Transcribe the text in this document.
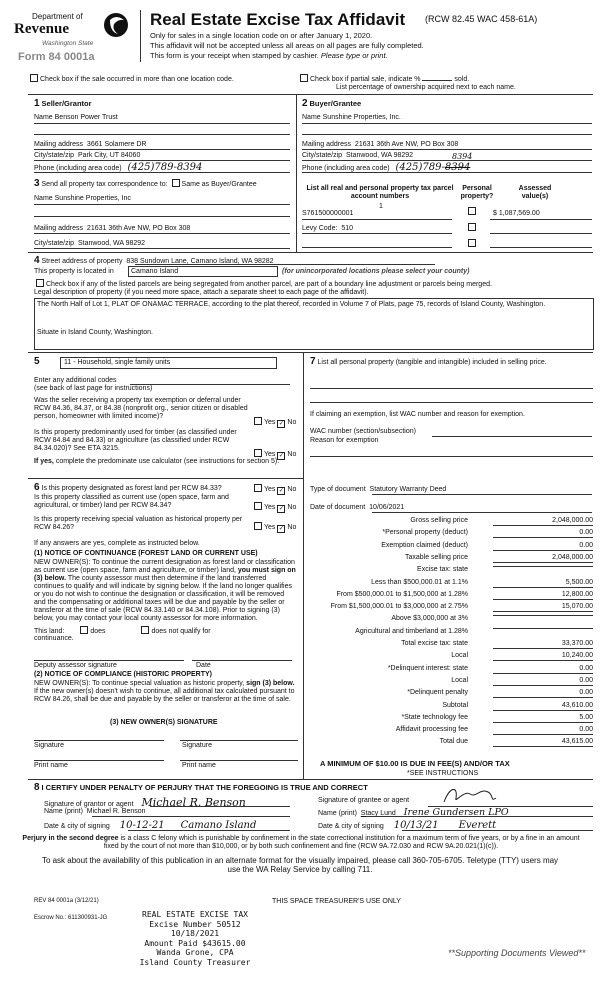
Department of
Revenue
Washington State
Form 84 0001a
Real Estate Excise Tax Affidavit (RCW 82.45 WAC 458-61A)
Only for sales in a single location code on or after January 1, 2020.
This affidavit will not be accepted unless all areas on all pages are fully completed.
This form is your receipt when stamped by cashier. Please type or print.
Check box if the sale occurred in more than one location code.	Check box if partial sale, indicate %	sold.
List percentage of ownership acquired next to each name.
1 Seller/Grantor
Name Benson Power Trust
Mailing address 3661 Solamere DR
City/state/zip Park City, UT 84060
Phone (including area code) (425)789-8394
2 Buyer/Grantee
Name Sunshine Properties, Inc.
Mailing address 21631 36th Ave NW, PO Box 308
City/state/zip Stanwood, WA 98292
Phone (including area code) (425)789-8394
8394
3 Send all property tax correspondence to: Same as Buyer/Grantee
Name Sunshine Properties, Inc
Mailing address 21631 36th Ave NW, PO Box 308
City/state/zip Stanwood, WA 98292
List all real and personal property tax parcel account numbers
Personal property?
Assessed value(s)
1
S761500000001	$ 1,087,569.00
Levy Code: 510
4 Street address of property 838 Sundown Lane, Camano Island, WA 98282
This property is located in Camano Island	(for unincorporated locations please select your county)
Check box if any of the listed parcels are being segregated from another parcel, are part of a boundary line adjustment or parcels being merged.
Legal description of property (if you need more space, attach a separate sheet to each page of the affidavit).
The North Half of Lot 1, PLAT OF ONAMAC TERRACE, according to the plat thereof, recorded in Volume 7 of Plats, page 75, records of Island County, Washington.
Situate in Island County, Washington.
5	11 - Household, single family units
Enter any additional codes
(see back of last page for instructions)
Was the seller receiving a property tax exemption or deferral under RCW 84.36, 84.37, or 84.38 (nonprofit org., senior citizen or disabled person, homeowner with limited income)?
Yes ✓ No
Is this property predominantly used for timber (as classified under RCW 84.84 and 84.33) or agriculture (as classified under RCW 84.34.020)? See ETA 3215.
Yes ✓ No
If yes, complete the predominate use calculator (see instructions for section 5).
6 Is this property designated as forest land per RCW 84.33?	Yes ✓ No
Is this property classified as current use (open space, farm and agricultural, or timber) land per RCW 84.34?	Yes ✓ No
Is this property receiving special valuation as historical property per RCW 84.26?	Yes ✓ No
If any answers are yes, complete as instructed below.
(1) NOTICE OF CONTINUANCE (FOREST LAND OR CURRENT USE)
NEW OWNER(S): To continue the current designation as forest land or classification as current use (open space, farm and agriculture, or timber) land, you must sign on (3) below. The county assessor must then determine if the land transferred continues to qualify and will indicate by signing below. If the land no longer qualifies or you do not wish to continue the designation or classification, it will be removed and the compensating or additional taxes will be due and payable by the seller or transferor at the time of sale (RCW 84.33.140 or 84.34.108). Prior to signing (3) below, you may contact your local county assessor for more information.
This land:	does	does not qualify for
continuance.
Deputy assessor signature	Date
(2) NOTICE OF COMPLIANCE (HISTORIC PROPERTY)
NEW OWNER(S): To continue special valuation as historic property, sign (3) below. If the new owner(s) doesn't wish to continue, all additional tax calculated pursuant to RCW 84.26, shall be due and payable by the seller or transferor at the time of sale.
(3) NEW OWNER(S) SIGNATURE
Signature	Signature
Print name	Print name
7 List all personal property (tangible and intangible) included in selling price.
If claiming an exemption, list WAC number and reason for exemption.
WAC number (section/subsection)
Reason for exemption
Type of document Statutory Warranty Deed
Date of document 10/06/2021
Gross selling price	2,048,000.00
*Personal property (deduct)	0.00
Exemption claimed (deduct)	0.00
Taxable selling price	2,048,000.00
Excise tax: state
Less than $500,000.01 at 1.1%	5,500.00
From $500,000.01 to $1,500,000 at 1.28%	12,800.00
From $1,500,000.01 to $3,000,000 at 2.75%	15,070.00
Above $3,000,000 at 3%
Agricultural and timberland at 1.28%
Total excise tax: state	33,370.00
Local	10,240.00
*Delinquent interest: state	0.00
Local	0.00
*Delinquent penalty	0.00
Subtotal	43,610.00
*State technology fee	5.00
Affidavit processing fee	0.00
Total due	43,615.00
A MINIMUM OF $10.00 IS DUE IN FEE(S) AND/OR TAX
*SEE INSTRUCTIONS
8 I CERTIFY UNDER PENALTY OF PERJURY THAT THE FOREGOING IS TRUE AND CORRECT
Signature of grantor or agent Michael R. Benson
Name (print) Michael R. Benson
Date & city of signing 10-12-21 Camano Island
Signature of grantee or agent
Name (print) Stacy Lund Irene Gundersen LPO
Date & city of signing 10/13/21 Everett
Perjury in the second degree is a class C felony which is punishable by confinement in the state correctional institution for a maximum term of five years, or by a fine in an amount fixed by the court of not more than $10,000, or by both such confinement and fine (RCW 9A.72.030 and RCW 9A.20.021(1)(c)).
To ask about the availability of this publication in an alternate format for the visually impaired, please call 360-705-6705. Teletype (TTY) users may use the WA Relay Service by calling 711.
REV 84 0001a (3/12/21)	THIS SPACE TREASURER'S USE ONLY
Escrow No.: 611300931-JG	REAL ESTATE EXCISE TAX
Excise Number 50512
10/18/2021
Amount Paid $43615.00
Wanda Grone, CPA
Island County Treasurer
**Supporting Documents Viewed**
